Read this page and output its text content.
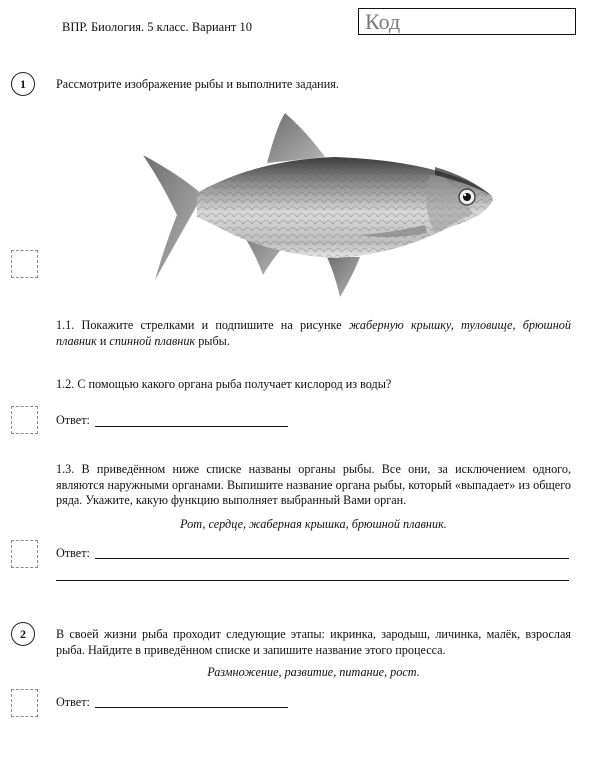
ВПР. Биология. 5 класс. Вариант 10	Код
1	Рассмотрите изображение рыбы и выполните задания.
1.1. Покажите стрелками и подпишите на рисунке жаберную крышку, туловище, брюшной плавник и спинной плавник рыбы.
1.2. С помощью какого органа рыба получает кислород из воды?
Ответ:
1.3. В приведённом ниже списке названы органы рыбы. Все они, за исключением одного, являются наружными органами. Выпишите название органа рыбы, который «выпадает» из общего ряда. Укажите, какую функцию выполняет выбранный Вами орган.
Рот, сердце, жаберная крышка, брюшной плавник.
Ответ:
2	В своей жизни рыба проходит следующие этапы: икринка, зародыш, личинка, малёк, взрослая рыба. Найдите в приведённом списке и запишите название этого процесса.
Размножение, развитие, питание, рост.
Ответ:
